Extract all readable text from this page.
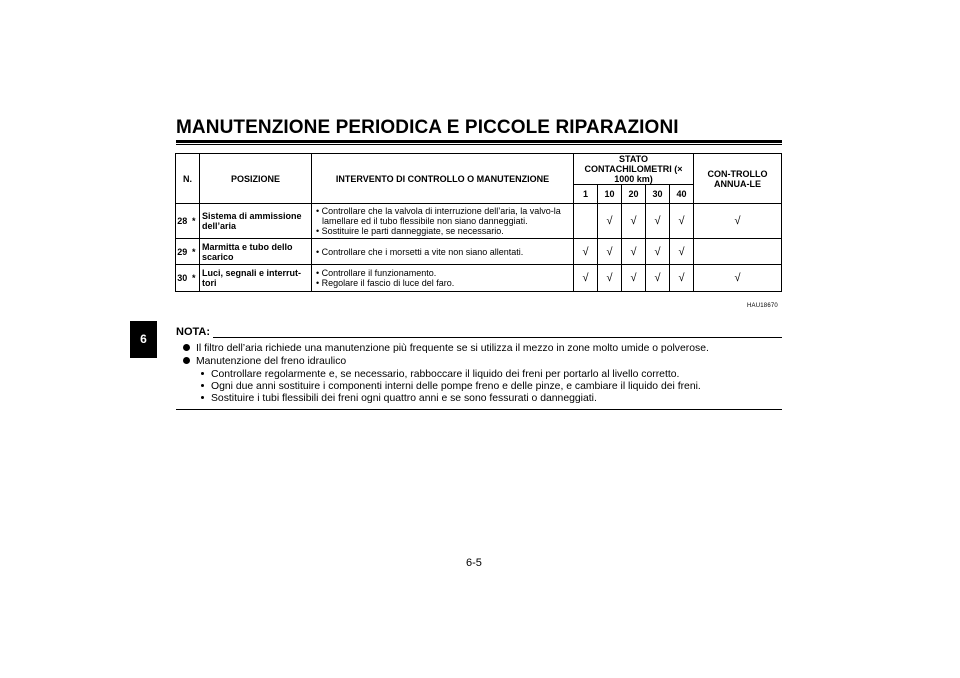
MANUTENZIONE PERIODICA E PICCOLE RIPARAZIONI
6
N.		POSIZIONE	INTERVENTO DI CONTROLLO O MANUTENZIONE	STATO CONTACHILOMETRI (× 1000 km)					CON-TROLLO ANNUA-LE
				1	10	20	30	40	
28	*	Sistema di ammissione dell’aria	• Controllare che la valvola di interruzione dell’aria, la valvo-la lamellare ed il tubo flessibile non siano danneggiati.
• Sostituire le parti danneggiate, se necessario.		√	√	√	√	√
29	*	Marmitta e tubo dello scarico	• Controllare che i morsetti a vite non siano allentati.	√	√	√	√	√	
30	*	Luci, segnali e interrut-tori	• Controllare il funzionamento.
• Regolare il fascio di luce del faro.	√	√	√	√	√	√
HAU18670
NOTA:
Il filtro dell’aria richiede una manutenzione più frequente se si utilizza il mezzo in zone molto umide o polverose.
Manutenzione del freno idraulico
Controllare regolarmente e, se necessario, rabboccare il liquido dei freni per portarlo al livello corretto.
Ogni due anni sostituire i componenti interni delle pompe freno e delle pinze, e cambiare il liquido dei freni.
Sostituire i tubi flessibili dei freni ogni quattro anni e se sono fessurati o danneggiati.
6-5
